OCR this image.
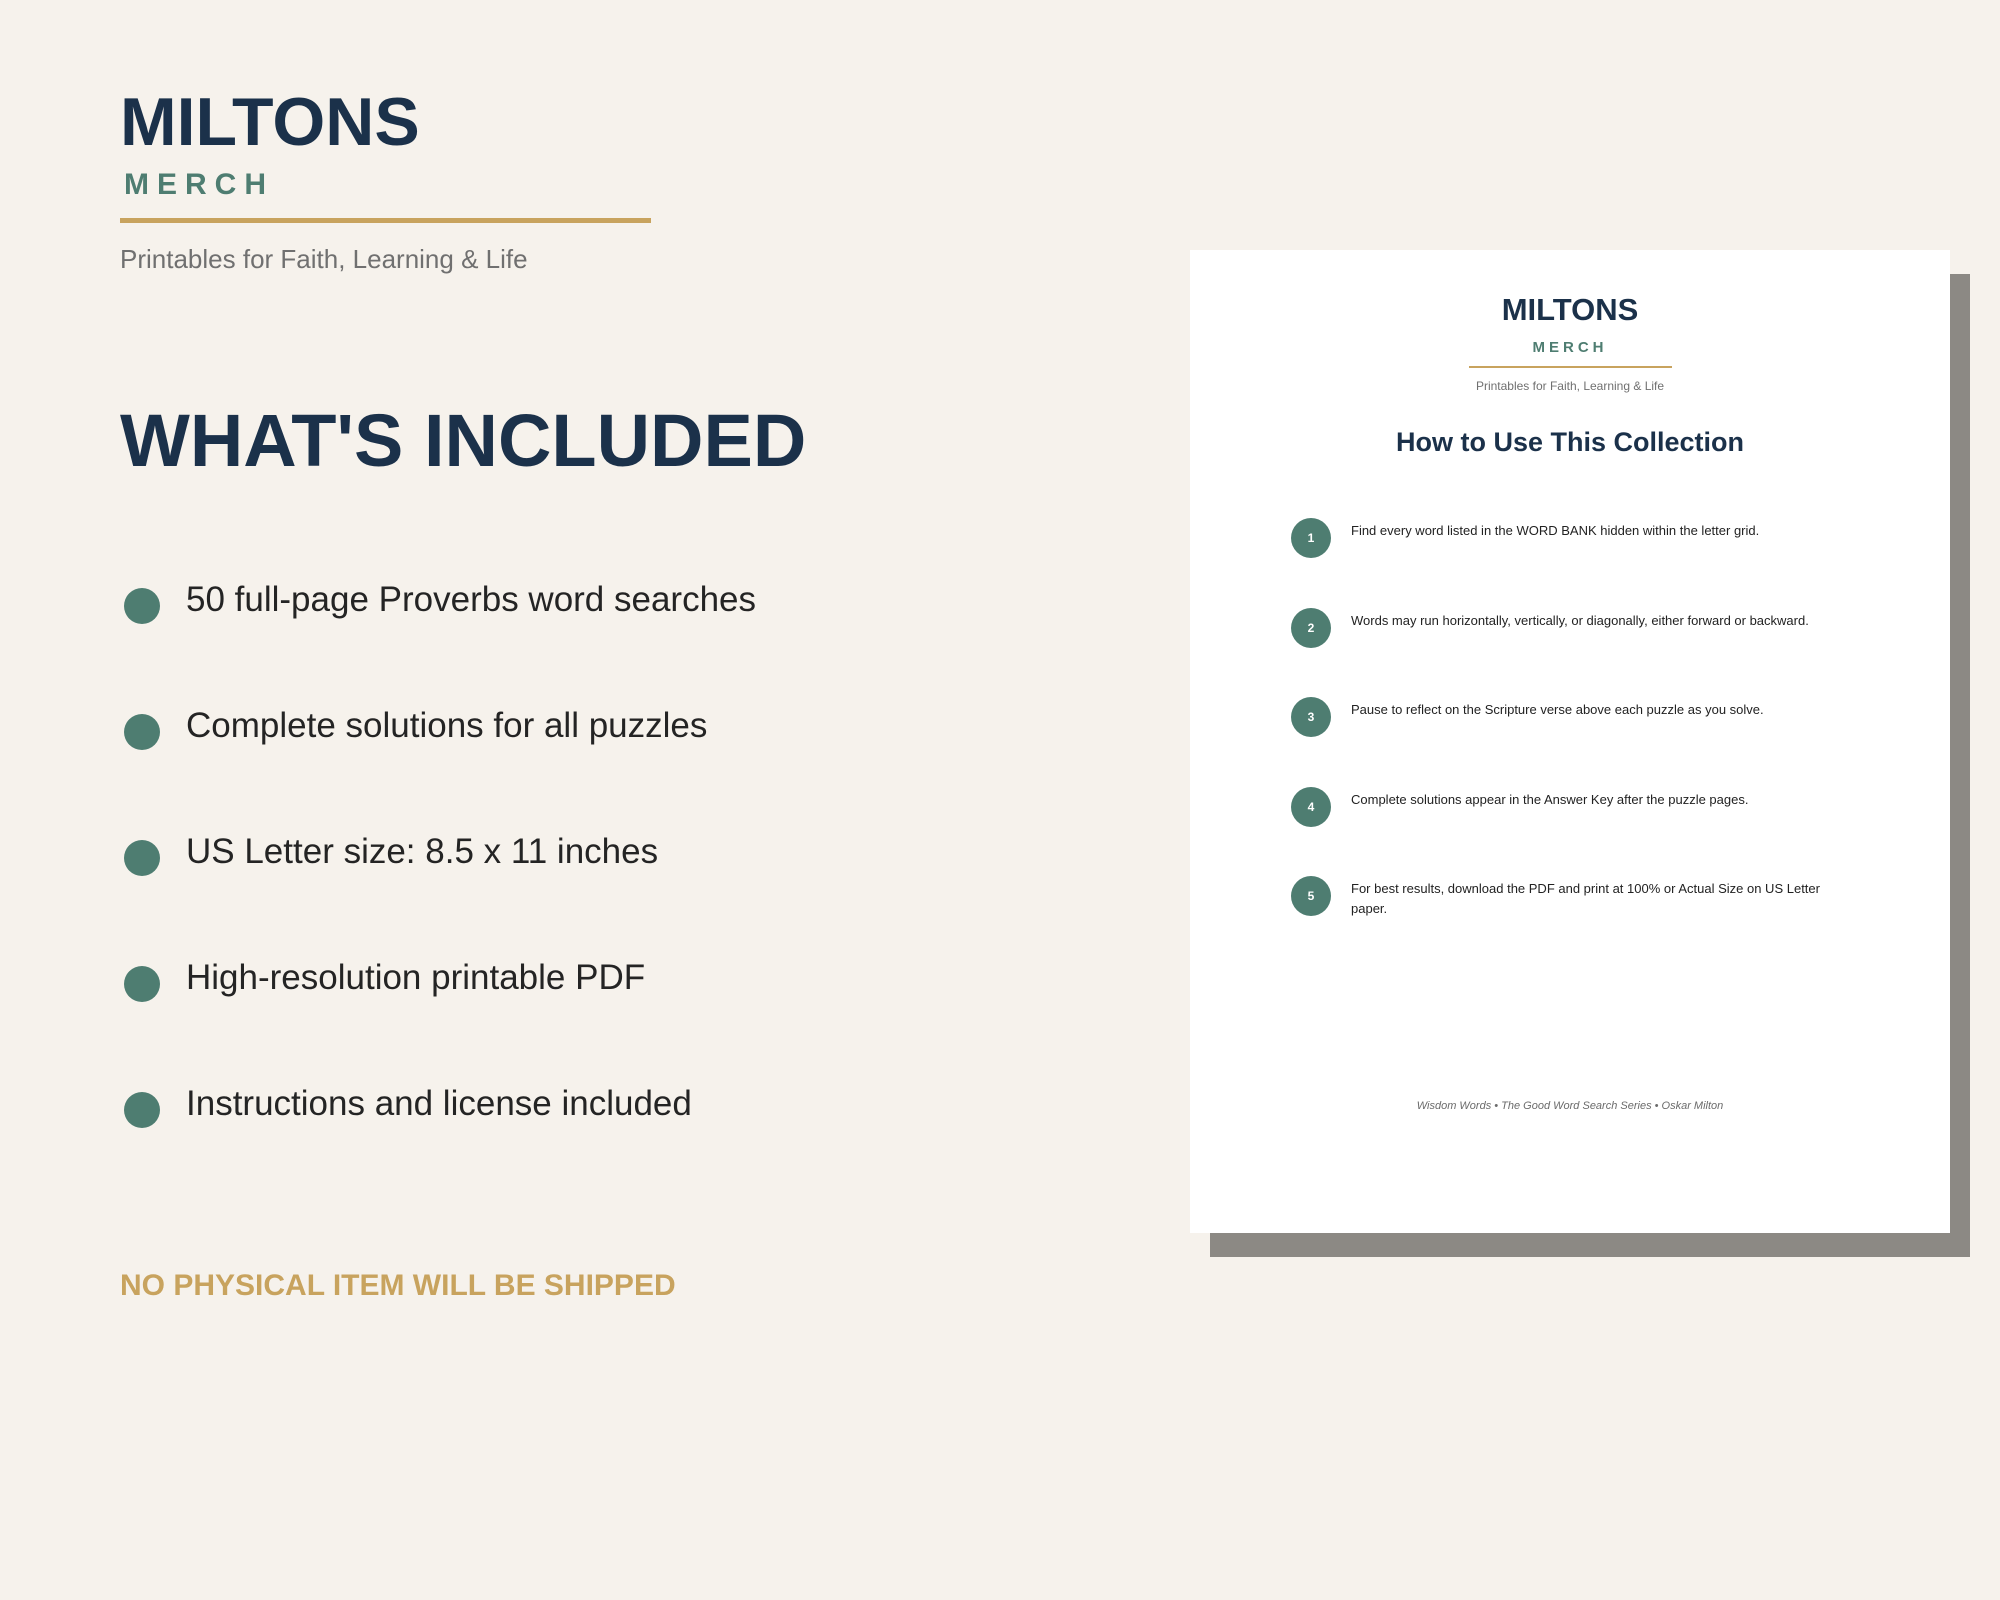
MILTONS
MERCH
Printables for Faith, Learning & Life
WHAT'S INCLUDED
50 full-page Proverbs word searches
Complete solutions for all puzzles
US Letter size: 8.5 x 11 inches
High-resolution printable PDF
Instructions and license included
NO PHYSICAL ITEM WILL BE SHIPPED
MILTONS
MERCH
Printables for Faith, Learning & Life
How to Use This Collection
1	Find every word listed in the WORD BANK hidden within the letter grid.
2	Words may run horizontally, vertically, or diagonally, either forward or backward.
3	Pause to reflect on the Scripture verse above each puzzle as you solve.
4	Complete solutions appear in the Answer Key after the puzzle pages.
5	For best results, download the PDF and print at 100% or Actual Size on US Letter paper.
Wisdom Words • The Good Word Search Series • Oskar Milton
